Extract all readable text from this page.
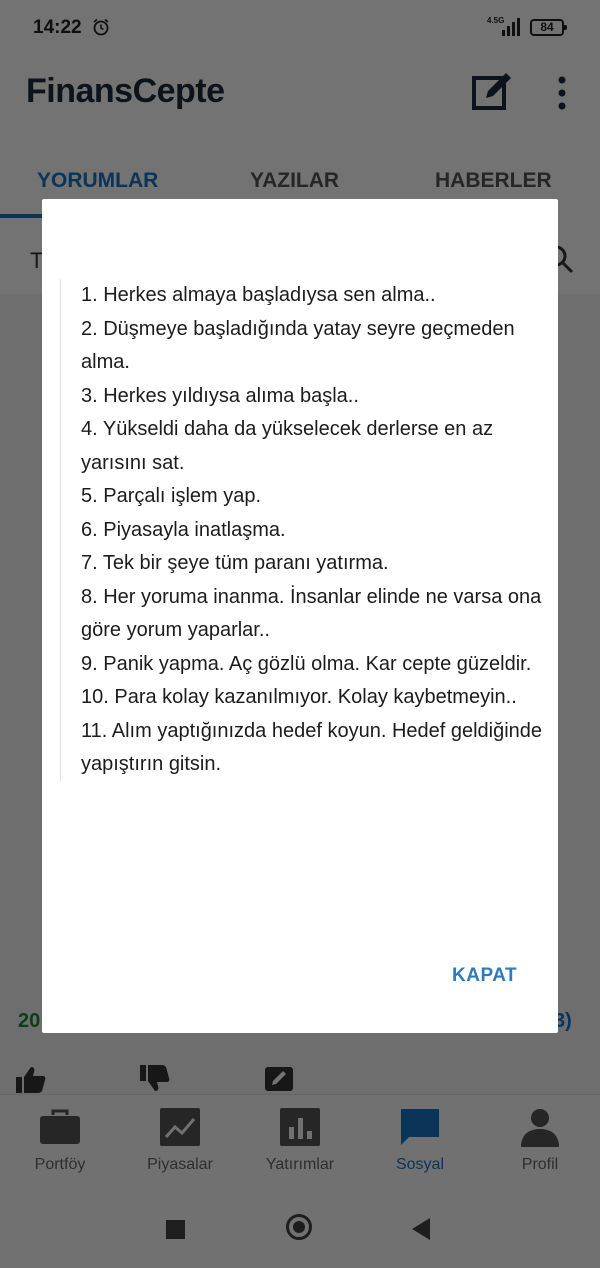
1. Herkes almaya başladıysa sen alma..

2. Düşmeye başladığında yatay seyre geçmeden alma.

3. Herkes yıldıysa alıma başla..

4. Yükseldi daha da yükselecek derlerse en az yarısını sat.

5. Parçalı işlem yap.

6. Piyasayla inatlaşma.

7. Tek bir şeye tüm paranı yatırma.

8. Her yoruma inanma. İnsanlar elinde ne varsa ona göre yorum yaparlar..

9. Panik yapma. Aç gözlü olma. Kar cepte güzeldir.

10. Para kolay kazanılmıyor. Kolay kaybetmeyin..

11. Alım yaptığınızda hedef koyun. Hedef geldiğinde yapıştırın gitsin.

KAPAT
